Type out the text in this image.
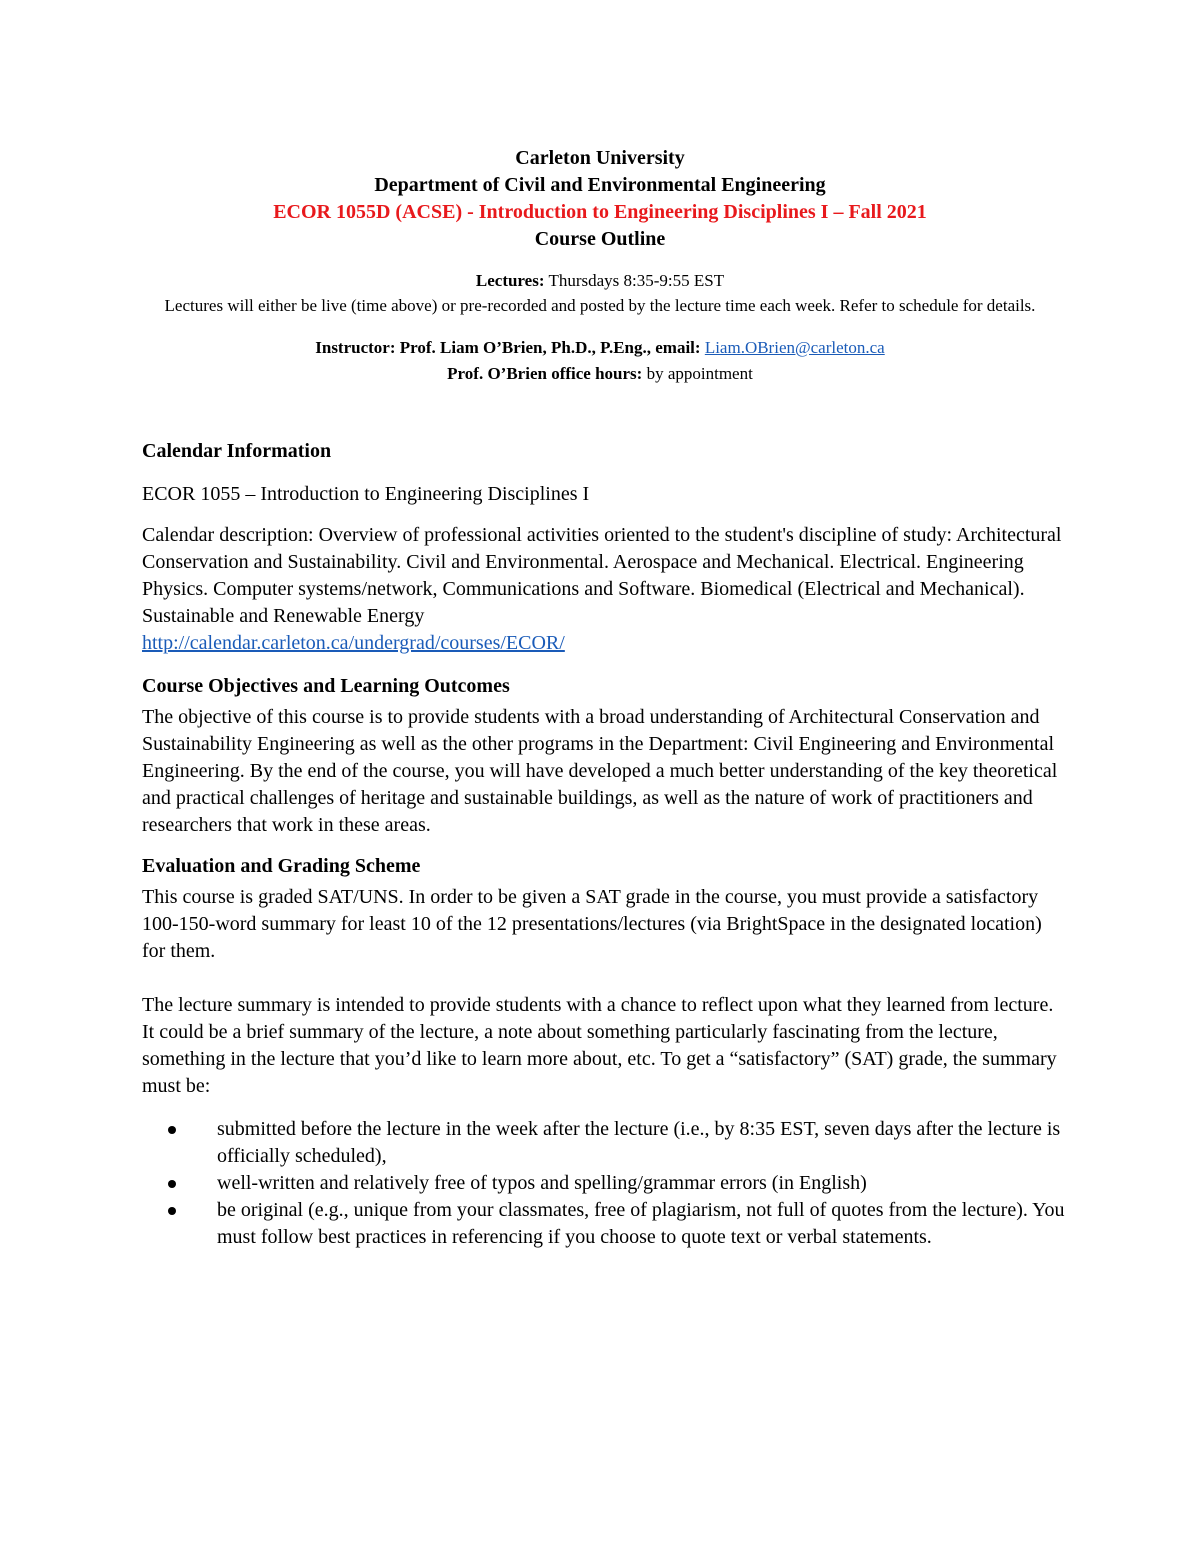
Carleton University

Department of Civil and Environmental Engineering

ECOR 1055D (ACSE) - Introduction to Engineering Disciplines I – Fall 2021

Course Outline

Lectures: Thursdays 8:35-9:55 EST
Lectures will either be live (time above) or pre-recorded and posted by the lecture time each week. Refer to schedule for details.
Instructor: Prof. Liam O’Brien, Ph.D., P.Eng., email: Liam.OBrien@carleton.ca
Prof. O’Brien office hours: by appointment
Calendar Information

ECOR 1055 – Introduction to Engineering Disciplines I

Calendar description: Overview of professional activities oriented to the student's discipline of study: Architectural Conservation and Sustainability. Civil and Environmental. Aerospace and Mechanical. Electrical. Engineering Physics. Computer systems/network, Communications and Software. Biomedical (Electrical and Mechanical). Sustainable and Renewable Energy
http://calendar.carleton.ca/undergrad/courses/ECOR/

Course Objectives and Learning Outcomes

The objective of this course is to provide students with a broad understanding of Architectural Conservation and Sustainability Engineering as well as the other programs in the Department: Civil Engineering and Environmental Engineering. By the end of the course, you will have developed a much better understanding of the key theoretical and practical challenges of heritage and sustainable buildings, as well as the nature of work of practitioners and researchers that work in these areas.

Evaluation and Grading Scheme

This course is graded SAT/UNS. In order to be given a SAT grade in the course, you must provide a satisfactory 100-150-word summary for least 10 of the 12 presentations/lectures (via BrightSpace in the designated location) for them.

The lecture summary is intended to provide students with a chance to reflect upon what they learned from lecture. It could be a brief summary of the lecture, a note about something particularly fascinating from the lecture, something in the lecture that you’d like to learn more about, etc. To get a “satisfactory” (SAT) grade, the summary must be:

submitted before the lecture in the week after the lecture (i.e., by 8:35 EST, seven days after the lecture is officially scheduled),
well-written and relatively free of typos and spelling/grammar errors (in English)
be original (e.g., unique from your classmates, free of plagiarism, not full of quotes from the lecture). You must follow best practices in referencing if you choose to quote text or verbal statements.
